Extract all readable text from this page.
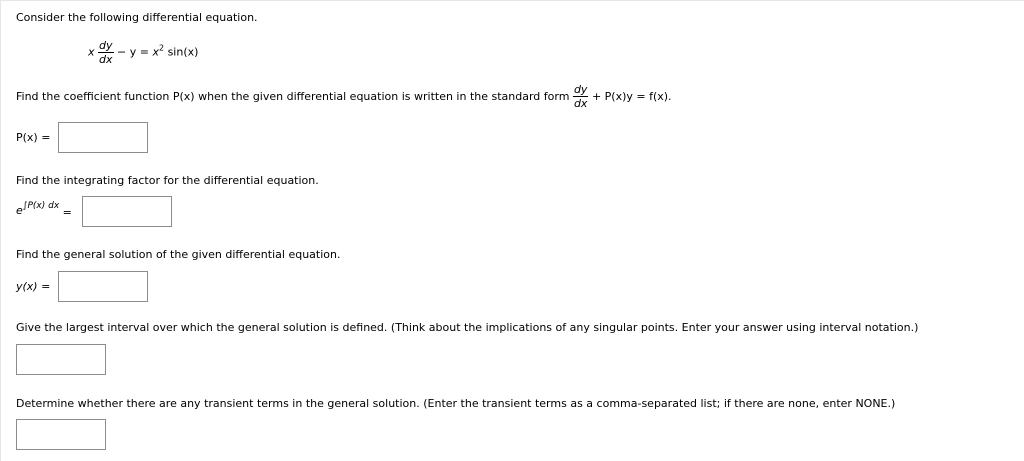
Consider the following differential equation.
x $\frac{dy}{dx} - y = x^2$ sin(x)
Find the coefficient function P(x) when the given differential equation is written in the standard form $\frac{dy}{dx} + P(x)y = f(x)$.
P(x) =
Find the integrating factor for the differential equation.
e∫P(x) dx =
Find the general solution of the given differential equation.
y(x) =
Give the largest interval over which the general solution is defined. (Think about the implications of any singular points. Enter your answer using interval notation.)
Determine whether there are any transient terms in the general solution. (Enter the transient terms as a comma-separated list; if there are none, enter NONE.)
